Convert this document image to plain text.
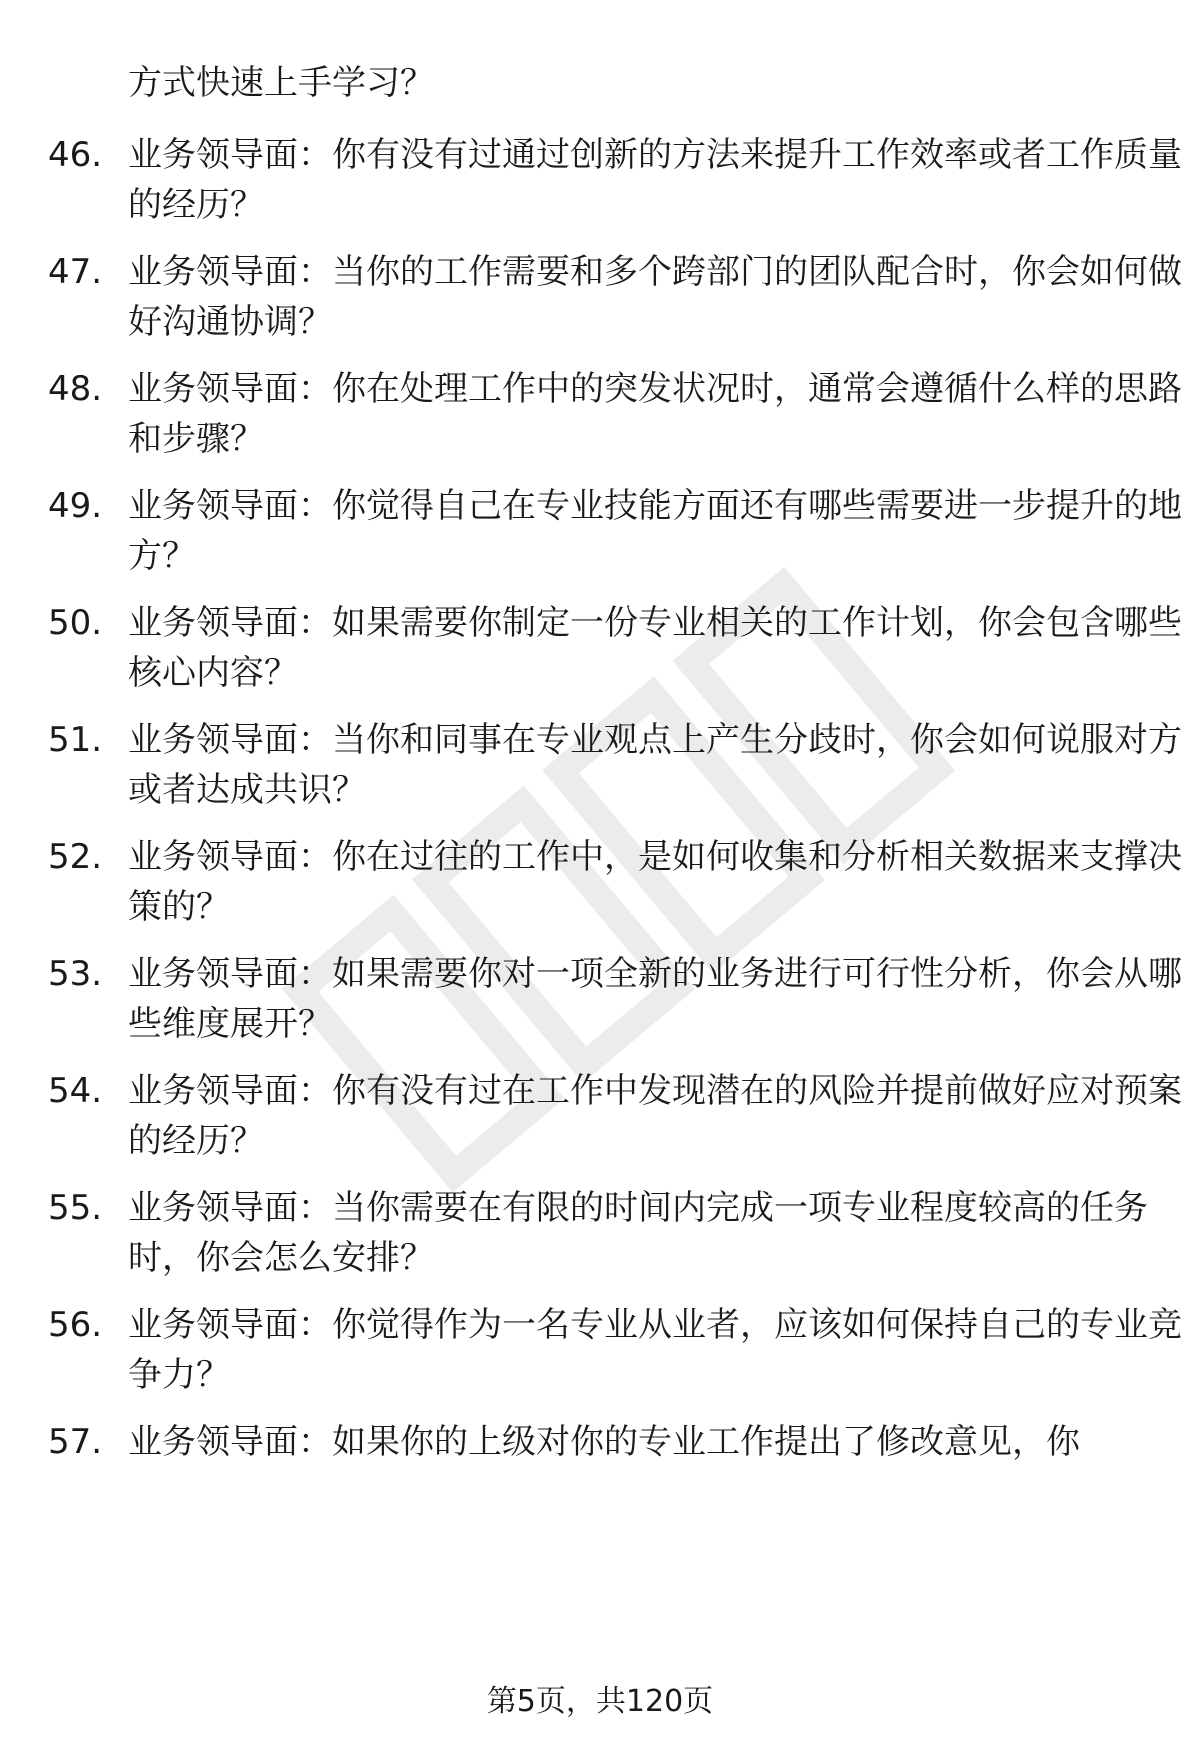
方式快速上手学习？
46. 业务领导面：你有没有过通过创新的方法来提升工作效率或者工作质量的经历？
47. 业务领导面：当你的工作需要和多个跨部门的团队配合时，你会如何做好沟通协调？
48. 业务领导面：你在处理工作中的突发状况时，通常会遵循什么样的思路和步骤？
49. 业务领导面：你觉得自己在专业技能方面还有哪些需要进一步提升的地方？
50. 业务领导面：如果需要你制定一份专业相关的工作计划，你会包含哪些核心内容？
51. 业务领导面：当你和同事在专业观点上产生分歧时，你会如何说服对方或者达成共识？
52. 业务领导面：你在过往的工作中，是如何收集和分析相关数据来支撑决策的？
53. 业务领导面：如果需要你对一项全新的业务进行可行性分析，你会从哪些维度展开？
54. 业务领导面：你有没有过在工作中发现潜在的风险并提前做好应对预案的经历？
55. 业务领导面：当你需要在有限的时间内完成一项专业程度较高的任务时，你会怎么安排？
56. 业务领导面：你觉得作为一名专业从业者，应该如何保持自己的专业竞争力？
57. 业务领导面：如果你的上级对你的专业工作提出了修改意见，你
第5页，共120页
